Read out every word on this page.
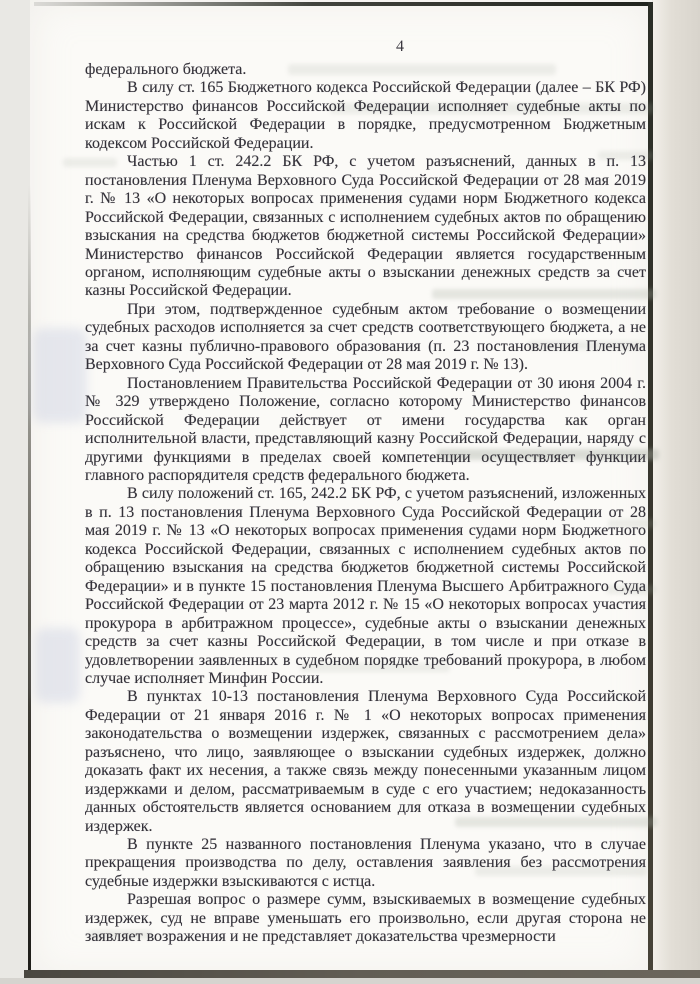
4

федерального бюджета.

В силу ст. 165 Бюджетного кодекса Российской Федерации (далее – БК РФ) Министерство финансов Российской Федерации исполняет судебные акты по искам к Российской Федерации в порядке, предусмотренном Бюджетным кодексом Российской Федерации.

Частью 1 ст. 242.2 БК РФ, с учетом разъяснений, данных в п. 13 постановления Пленума Верховного Суда Российской Федерации от 28 мая 2019 г. № 13 «О некоторых вопросах применения судами норм Бюджетного кодекса Российской Федерации, связанных с исполнением судебных актов по обращению взыскания на средства бюджетов бюджетной системы Российской Федерации» Министерство финансов Российской Федерации является государственным органом, исполняющим судебные акты о взыскании денежных средств за счет казны Российской Федерации.

При этом, подтвержденное судебным актом требование о возмещении судебных расходов исполняется за счет средств соответствующего бюджета, а не за счет казны публично-правового образования (п. 23 постановления Пленума Верховного Суда Российской Федерации от 28 мая 2019 г. № 13).

Постановлением Правительства Российской Федерации от 30 июня 2004 г. № 329 утверждено Положение, согласно которому Министерство финансов Российской Федерации действует от имени государства как орган исполнительной власти, представляющий казну Российской Федерации, наряду с другими функциями в пределах своей компетенции осуществляет функции главного распорядителя средств федерального бюджета.

В силу положений ст. 165, 242.2 БК РФ, с учетом разъяснений, изложенных в п. 13 постановления Пленума Верховного Суда Российской Федерации от 28 мая 2019 г. № 13 «О некоторых вопросах применения судами норм Бюджетного кодекса Российской Федерации, связанных с исполнением судебных актов по обращению взыскания на средства бюджетов бюджетной системы Российской Федерации» и в пункте 15 постановления Пленума Высшего Арбитражного Суда Российской Федерации от 23 марта 2012 г. № 15 «О некоторых вопросах участия прокурора в арбитражном процессе», судебные акты о взыскании денежных средств за счет казны Российской Федерации, в том числе и при отказе в удовлетворении заявленных в судебном порядке требований прокурора, в любом случае исполняет Минфин России.

В пунктах 10-13 постановления Пленума Верховного Суда Российской Федерации от 21 января 2016 г. № 1 «О некоторых вопросах применения законодательства о возмещении издержек, связанных с рассмотрением дела» разъяснено, что лицо, заявляющее о взыскании судебных издержек, должно доказать факт их несения, а также связь между понесенными указанным лицом издержками и делом, рассматриваемым в суде с его участием; недоказанность данных обстоятельств является основанием для отказа в возмещении судебных издержек.

В пункте 25 названного постановления Пленума указано, что в случае прекращения производства по делу, оставления заявления без рассмотрения судебные издержки взыскиваются с истца.

Разрешая вопрос о размере сумм, взыскиваемых в возмещение судебных издержек, суд не вправе уменьшать его произвольно, если другая сторона не заявляет возражения и не представляет доказательства чрезмерности
